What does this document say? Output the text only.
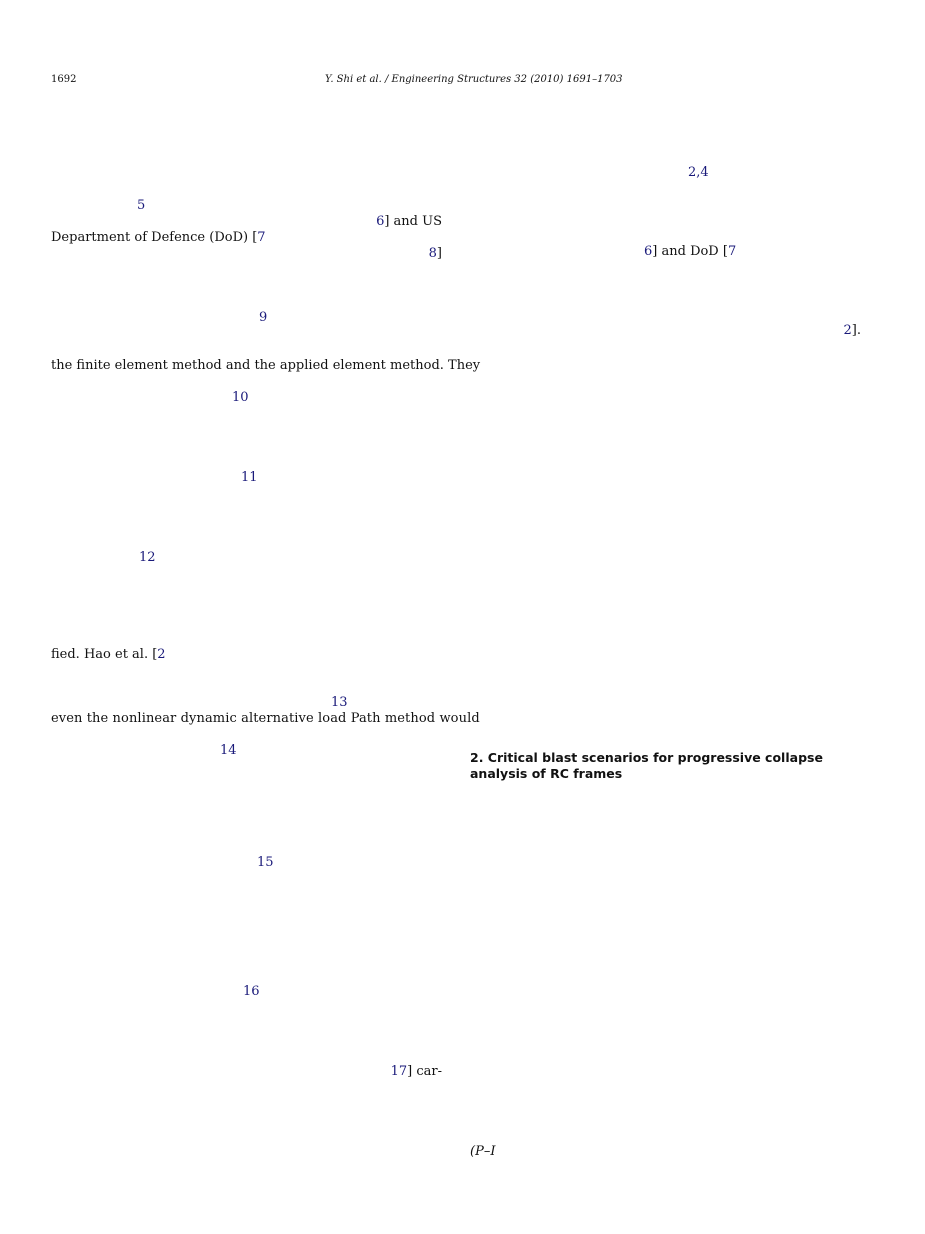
1692	Y. Shi et al. / Engineering Structures 32 (2010) 1691–1703
5
6] and US
Department of Defence (DoD) [7
8]
9
the finite element method and the applied element method. They
10
11
12
fied. Hao et al. [2
13
even the nonlinear dynamic alternative load Path method would
14
15
16
17] car-
2,4
6] and DoD [7
2].
2. Critical blast scenarios for progressive collapse analysis of RC frames
(P–I
